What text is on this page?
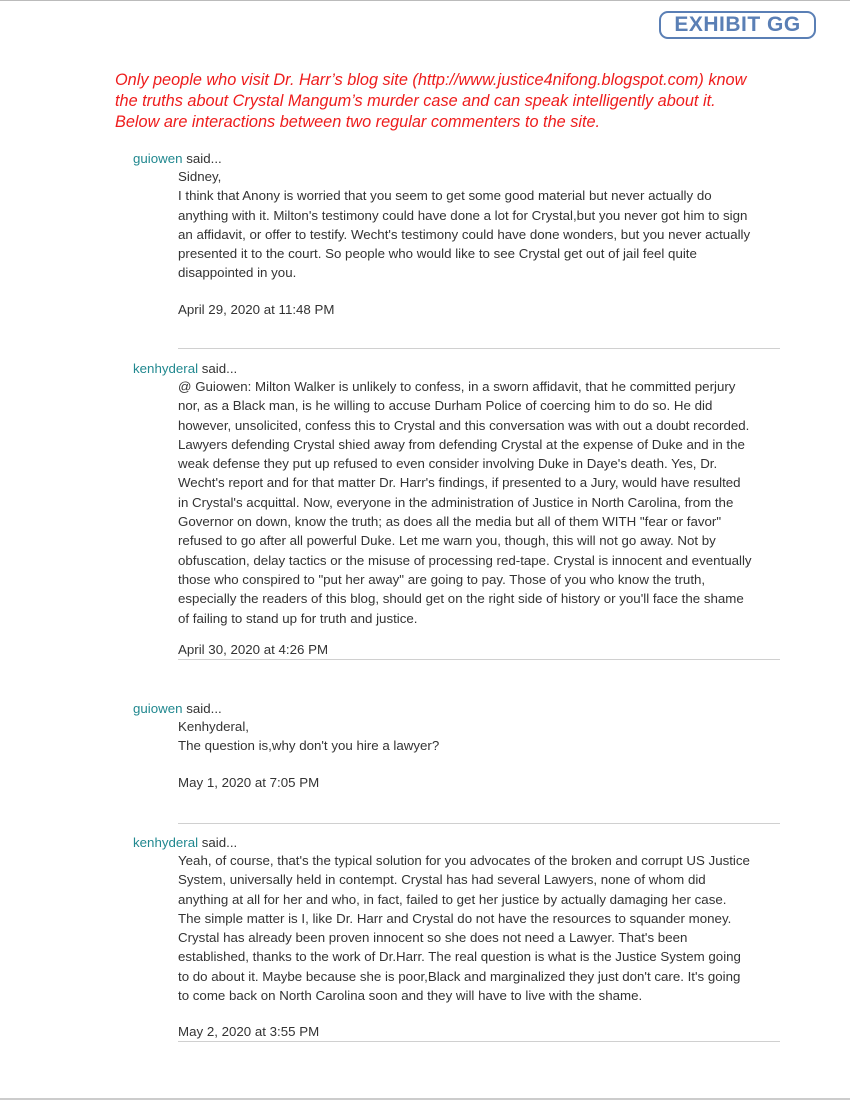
EXHIBIT GG
Only people who visit Dr. Harr’s blog site (http://www.justice4nifong.blogspot.com) know
the truths about Crystal Mangum’s murder case and can speak intelligently about it.
Below are interactions between two regular commenters to the site.
guiowen said...

Sidney,

I think that Anony is worried that you seem to get some good material but never actually do

anything with it. Milton's testimony could have done a lot for Crystal,but you never got him to sign

an affidavit, or offer to testify. Wecht's testimony could have done wonders, but you never actually

presented it to the court. So people who would like to see Crystal get out of jail feel quite

disappointed in you.

April 29, 2020 at 11:48 PM
kenhyderal said...

@ Guiowen: Milton Walker is unlikely to confess, in a sworn affidavit, that he committed perjury

nor, as a Black man, is he willing to accuse Durham Police of coercing him to do so. He did

however, unsolicited, confess this to Crystal and this conversation was with out a doubt recorded.

Lawyers defending Crystal shied away from defending Crystal at the expense of Duke and in the

weak defense they put up refused to even consider involving Duke in Daye's death. Yes, Dr.

Wecht's report and for that matter Dr. Harr's findings, if presented to a Jury, would have resulted

in Crystal's acquittal. Now, everyone in the administration of Justice in North Carolina, from the

Governor on down, know the truth; as does all the media but all of them WITH "fear or favor"

refused to go after all powerful Duke. Let me warn you, though, this will not go away. Not by

obfuscation, delay tactics or the misuse of processing red-tape. Crystal is innocent and eventually

those who conspired to "put her away" are going to pay. Those of you who know the truth,

especially the readers of this blog, should get on the right side of history or you'll face the shame

of failing to stand up for truth and justice.

April 30, 2020 at 4:26 PM
guiowen said...

Kenhyderal,

The question is,why don't you hire a lawyer?

May 1, 2020 at 7:05 PM
kenhyderal said...

Yeah, of course, that's the typical solution for you advocates of the broken and corrupt US Justice

System, universally held in contempt. Crystal has had several Lawyers, none of whom did

anything at all for her and who, in fact, failed to get her justice by actually damaging her case.

The simple matter is I, like Dr. Harr and Crystal do not have the resources to squander money.

Crystal has already been proven innocent so she does not need a Lawyer. That's been

established, thanks to the work of Dr.Harr. The real question is what is the Justice System going

to do about it. Maybe because she is poor,Black and marginalized they just don't care. It's going

to come back on North Carolina soon and they will have to live with the shame.

May 2, 2020 at 3:55 PM
